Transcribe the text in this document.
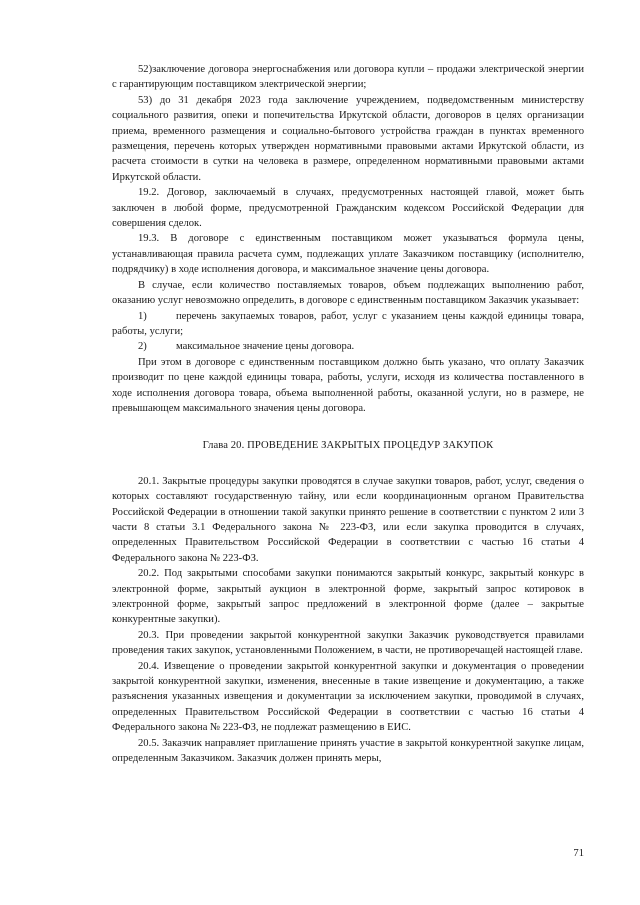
52)заключение договора энергоснабжения или договора купли – продажи электрической энергии с гарантирующим поставщиком электрической энергии;

53) до 31 декабря 2023 года заключение учреждением, подведомственным министерству социального развития, опеки и попечительства Иркутской области, договоров в целях организации приема, временного размещения и социально-бытового устройства граждан в пунктах временного размещения, перечень которых утвержден нормативными правовыми актами Иркутской области, из расчета стоимости в сутки на человека в размере, определенном нормативными правовыми актами Иркутской области.

19.2. Договор, заключаемый в случаях, предусмотренных настоящей главой, может быть заключен в любой форме, предусмотренной Гражданским кодексом Российской Федерации для совершения сделок.

19.3. В договоре с единственным поставщиком может указываться формула цены, устанавливающая правила расчета сумм, подлежащих уплате Заказчиком поставщику (исполнителю, подрядчику) в ходе исполнения договора, и максимальное значение цены договора.

В случае, если количество поставляемых товаров, объем подлежащих выполнению работ, оказанию услуг невозможно определить, в договоре с единственным поставщиком Заказчик указывает:

1)	перечень закупаемых товаров, работ, услуг с указанием цены каждой единицы товара, работы, услуги;

2)	максимальное значение цены договора.

При этом в договоре с единственным поставщиком должно быть указано, что оплату Заказчик производит по цене каждой единицы товара, работы, услуги, исходя из количества поставленного в ходе исполнения договора товара, объема выполненной работы, оказанной услуги, но в размере, не превышающем максимального значения цены договора.

Глава 20. ПРОВЕДЕНИЕ ЗАКРЫТЫХ ПРОЦЕДУР ЗАКУПОК

20.1. Закрытые процедуры закупки проводятся в случае закупки товаров, работ, услуг, сведения о которых составляют государственную тайну, или если координационным органом Правительства Российской Федерации в отношении такой закупки принято решение в соответствии с пунктом 2 или 3 части 8 статьи 3.1 Федерального закона № 223-ФЗ, или если закупка проводится в случаях, определенных Правительством Российской Федерации в соответствии с частью 16 статьи 4 Федерального закона № 223-ФЗ.

20.2. Под закрытыми способами закупки понимаются закрытый конкурс, закрытый конкурс в электронной форме, закрытый аукцион в электронной форме, закрытый запрос котировок в электронной форме, закрытый запрос предложений в электронной форме (далее – закрытые конкурентные закупки).

20.3. При проведении закрытой конкурентной закупки Заказчик руководствуется правилами проведения таких закупок, установленными Положением, в части, не противоречащей настоящей главе.

20.4. Извещение о проведении закрытой конкурентной закупки и документация о проведении закрытой конкурентной закупки, изменения, внесенные в такие извещение и документацию, а также разъяснения указанных извещения и документации за исключением закупки, проводимой в случаях, определенных Правительством Российской Федерации в соответствии с частью 16 статьи 4 Федерального закона № 223-ФЗ, не подлежат размещению в ЕИС.

20.5. Заказчик направляет приглашение принять участие в закрытой конкурентной закупке лицам, определенным Заказчиком. Заказчик должен принять меры,

71
